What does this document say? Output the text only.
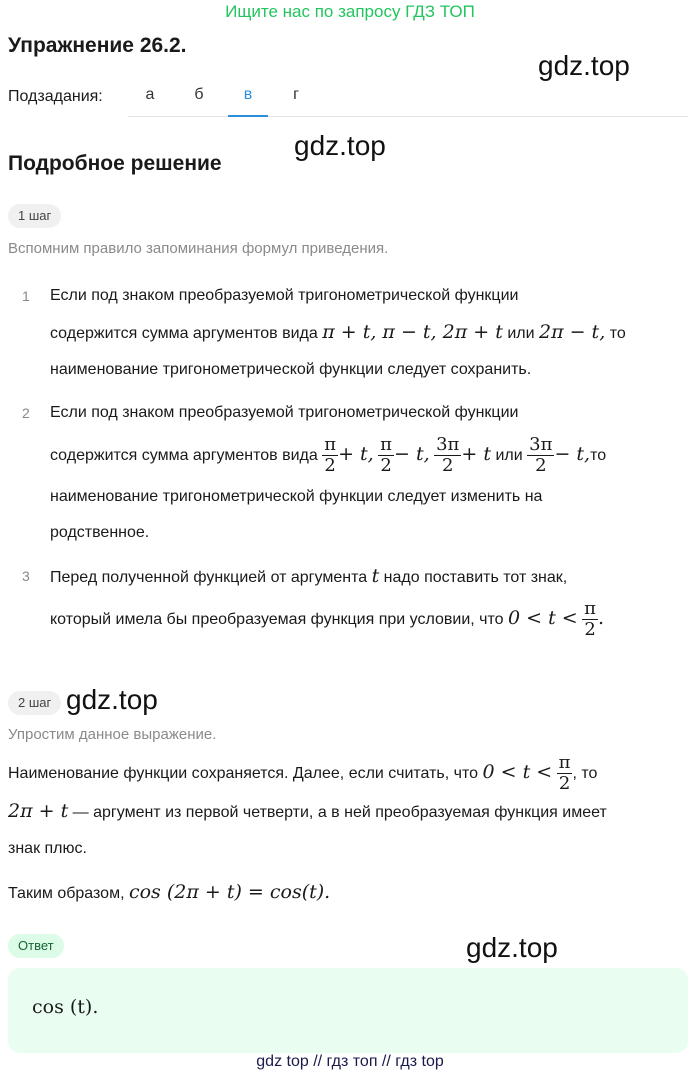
Ищите нас по запросу ГДЗ ТОП
Упражнение 26.2.
gdz.top
Подзадания:	а	б	в	г
Подробное решение
gdz.top
1 шаг
Вспомним правило запоминания формул приведения.
1	Если под знаком преобразуемой тригонометрической функции
содержится сумма аргументов вида π + t, π − t, 2π + t или 2π − t, то
наименование тригонометрической функции следует сохранить.
2	Если под знаком преобразуемой тригонометрической функции
содержится сумма аргументов вида $\frac{\pi}{2} + t$, $\frac{\pi}{2} - t$, $\frac{3\pi}{2} + t$ или $\frac{3\pi}{2} - t,то$
наименование тригонометрической функции следует изменить на
родственное.
3	Перед полученной функцией от аргумента t надо поставить тот знак,
который имела бы преобразуемая функция при условии, что $0 < t < \frac{\pi}{2}$ .
2 шаг gdz.top
Упростим данное выражение.
Наименование функции сохраняется. Далее, если считать, что $0 < t < \frac{\pi}{2}$ , то
2π + t — аргумент из первой четверти, а в ней преобразуемая функция имеет
знак плюс.
Таким образом, cos (2π + t) = cos(t).
Ответ	gdz.top
cos (t).
gdz top // гдз топ // гдз top
